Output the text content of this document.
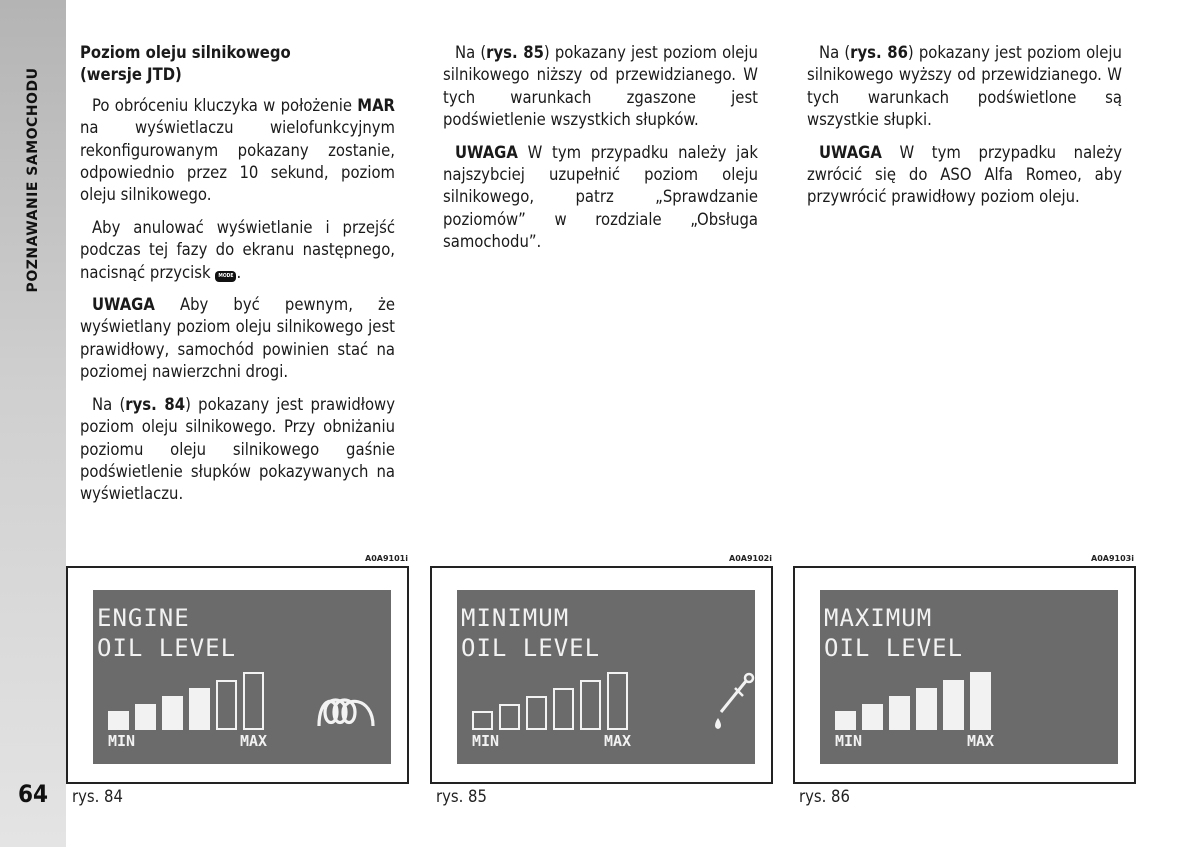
POZNAWANIE SAMOCHODU
64

Poziom oleju silnikowego
(wersje JTD)

Po obróceniu kluczyka w położenie MAR na wyświetlaczu wielofunkcyjnym rekonfigurowanym pokazany zostanie, odpowiednio przez 10 sekund, poziom oleju silnikowego.

Aby anulować wyświetlanie i przejść podczas tej fazy do ekranu następnego, nacisnąć przycisk MODE .

UWAGA Aby być pewnym, że wyświetlany poziom oleju silnikowego jest prawidłowy, samochód powinien stać na poziomej nawierzchni drogi.

Na (rys. 84) pokazany jest prawidłowy poziom oleju silnikowego. Przy obniżaniu poziomu oleju silnikowego gaśnie podświetlenie słupków pokazywanych na wyświetlaczu.

Na (rys. 85) pokazany jest poziom oleju silnikowego niższy od przewidzianego. W tych warunkach zgaszone jest podświetlenie wszystkich słupków.

UWAGA W tym przypadku należy jak najszybciej uzupełnić poziom oleju silnikowego, patrz „Sprawdzanie poziomów” w rozdziale „Obsługa samochodu”.

Na (rys. 86) pokazany jest poziom oleju silnikowego wyższy od przewidzianego. W tych warunkach podświetlone są wszystkie słupki.

UWAGA W tym przypadku należy zwrócić się do ASO Alfa Romeo, aby przywrócić prawidłowy poziom oleju.

A0A9101i
ENGINE
OIL LEVEL
MIN	MAX
rys. 84
A0A9102i
MINIMUM
OIL LEVEL
MIN	MAX
rys. 85
A0A9103i
MAXIMUM
OIL LEVEL
MIN	MAX
rys. 86
